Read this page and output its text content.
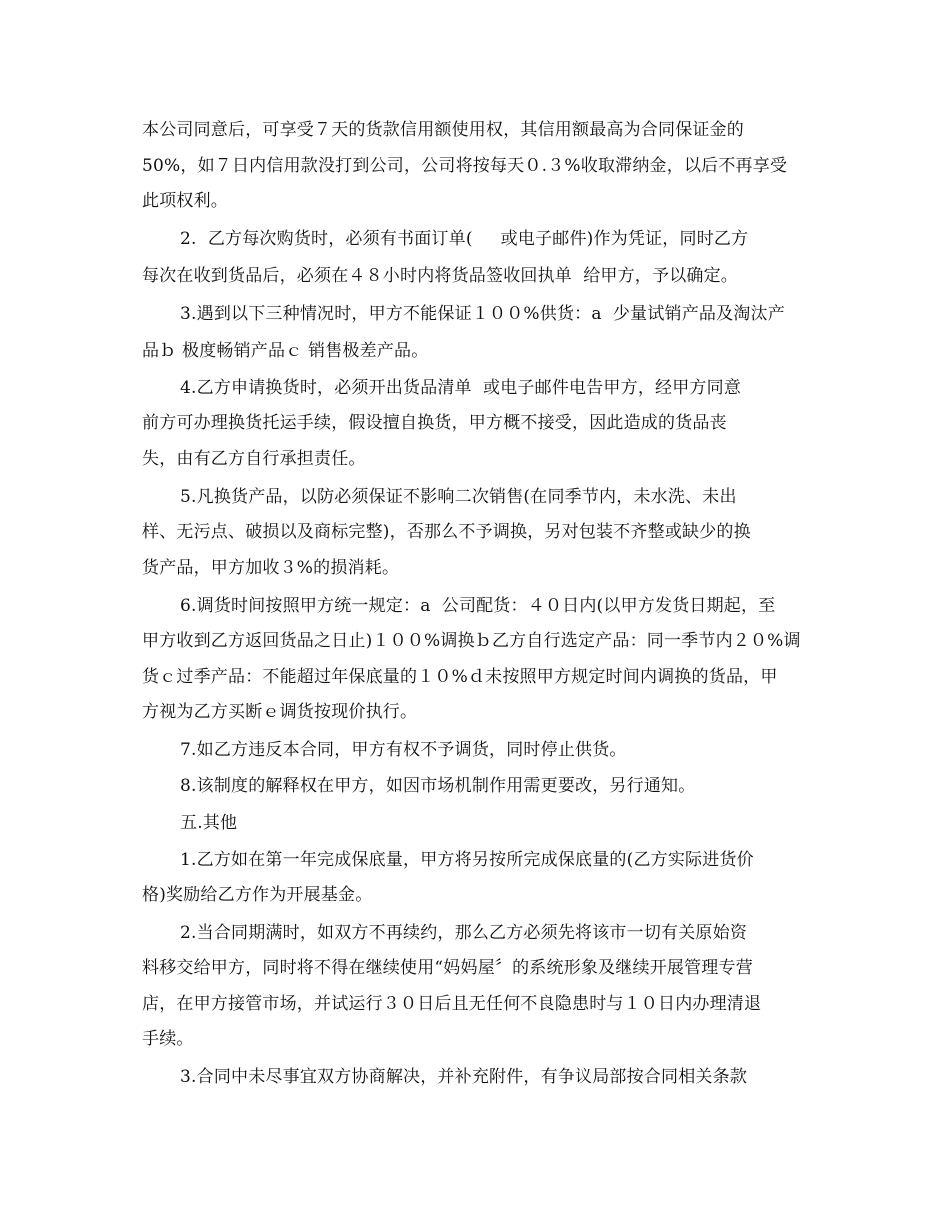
本公司同意后，可享受７天的货款信用额使用权，其信用额最高为合同保证金的
50%，如７日内信用款没打到公司，公司将按每天０.３%收取滞纳金，以后不再享受
此项权利。
2.  乙方每次购货时，必须有书面订单(     或电子邮件)作为凭证，同时乙方
每次在收到货品后，必须在４８小时内将货品签收回执单  给甲方，予以确定。
3.遇到以下三种情况时，甲方不能保证１００%供货：a  少量试销产品及淘汰产
品ｂ 极度畅销产品ｃ 销售极差产品。
4.乙方申请换货时，必须开出货品清单  或电子邮件电告甲方，经甲方同意
前方可办理换货托运手续，假设擅自换货，甲方概不接受，因此造成的货品丧
失，由有乙方自行承担责任。
5.凡换货产品，以防必须保证不影响二次销售(在同季节内，未水洗、未出
样、无污点、破损以及商标完整)，否那么不予调换，另对包装不齐整或缺少的换
货产品，甲方加收３%的损消耗。
6.调货时间按照甲方统一规定：a  公司配货：４０日内(以甲方发货日期起，至
甲方收到乙方返回货品之日止)１００%调换ｂ乙方自行选定产品：同一季节内２０%调
货ｃ过季产品：不能超过年保底量的１０%ｄ未按照甲方规定时间内调换的货品，甲
方视为乙方买断ｅ调货按现价执行。
7.如乙方违反本合同，甲方有权不予调货，同时停止供货。
8.该制度的解释权在甲方，如因市场机制作用需更要改，另行通知。
五.其他
1.乙方如在第一年完成保底量，甲方将另按所完成保底量的(乙方实际进货价
格)奖励给乙方作为开展基金。
2.当合同期满时，如双方不再续约，那么乙方必须先将该市一切有关原始资
料移交给甲方，同时将不得在继续使用“妈妈屋〞的系统形象及继续开展管理专营
店，在甲方接管市场，并试运行３０日后且无任何不良隐患时与１０日内办理清退
手续。
3.合同中未尽事宜双方协商解决，并补充附件，有争议局部按合同相关条款
